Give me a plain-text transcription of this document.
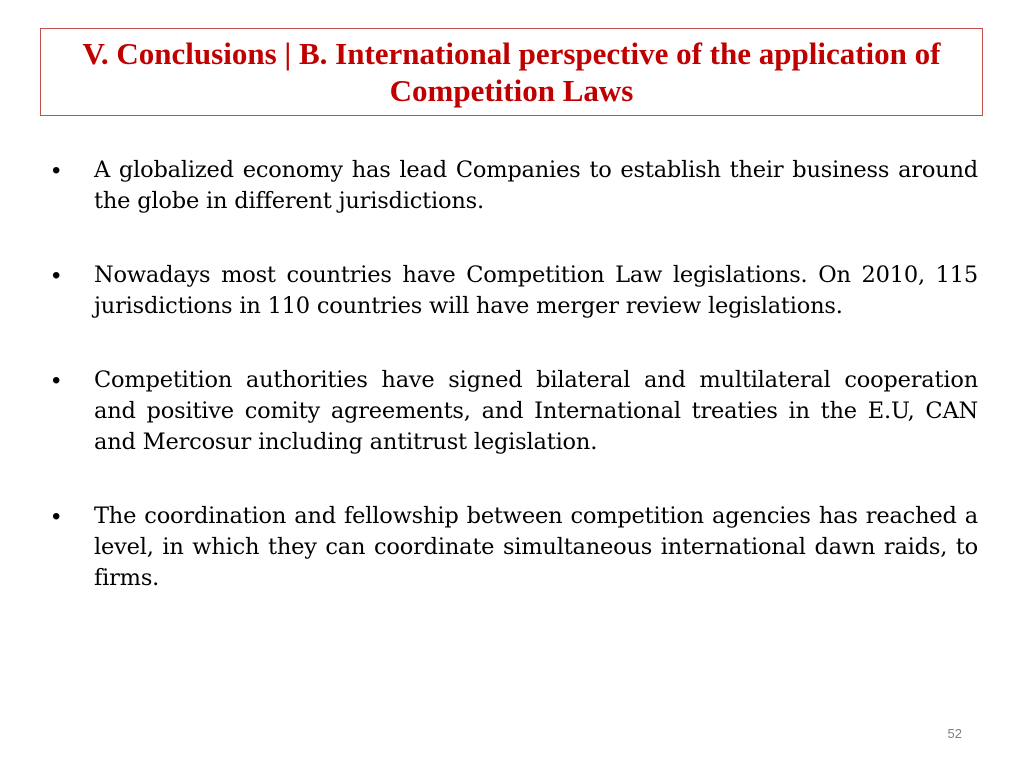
V. Conclusions | B. International perspective of the application of Competition Laws
•	A globalized economy has lead Companies to establish their business around the globe in different jurisdictions.
•	Nowadays most countries have Competition Law legislations. On 2010, 115 jurisdictions in 110 countries will have merger review legislations.
•	Competition authorities have signed bilateral and multilateral cooperation and positive comity agreements, and International treaties in the E.U, CAN and Mercosur including antitrust legislation.
•	The coordination and fellowship between competition agencies has reached a level, in which they can coordinate simultaneous international dawn raids, to firms.
52
